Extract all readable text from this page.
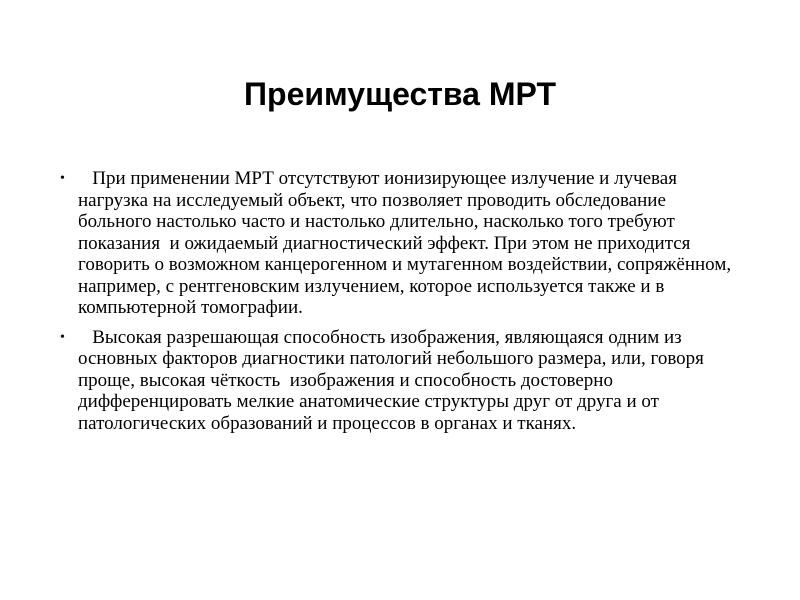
Преимущества МРТ
• При применении МРТ отсутствуют ионизирующее излучение и лучевая нагрузка на исследуемый объект, что позволяет проводить обследование больного настолько часто и настолько длительно, насколько того требуют показания  и ожидаемый диагностический эффект. При этом не приходится говорить о возможном канцерогенном и мутагенном воздействии, сопряжённом, например, с рентгеновским излучением, которое используется также и в компьютерной томографии.
• Высокая разрешающая способность изображения, являющаяся одним из основных факторов диагностики патологий небольшого размера, или, говоря проще, высокая чёткость  изображения и способность достоверно дифференцировать мелкие анатомические структуры друг от друга и от патологических образований и процессов в органах и тканях.
